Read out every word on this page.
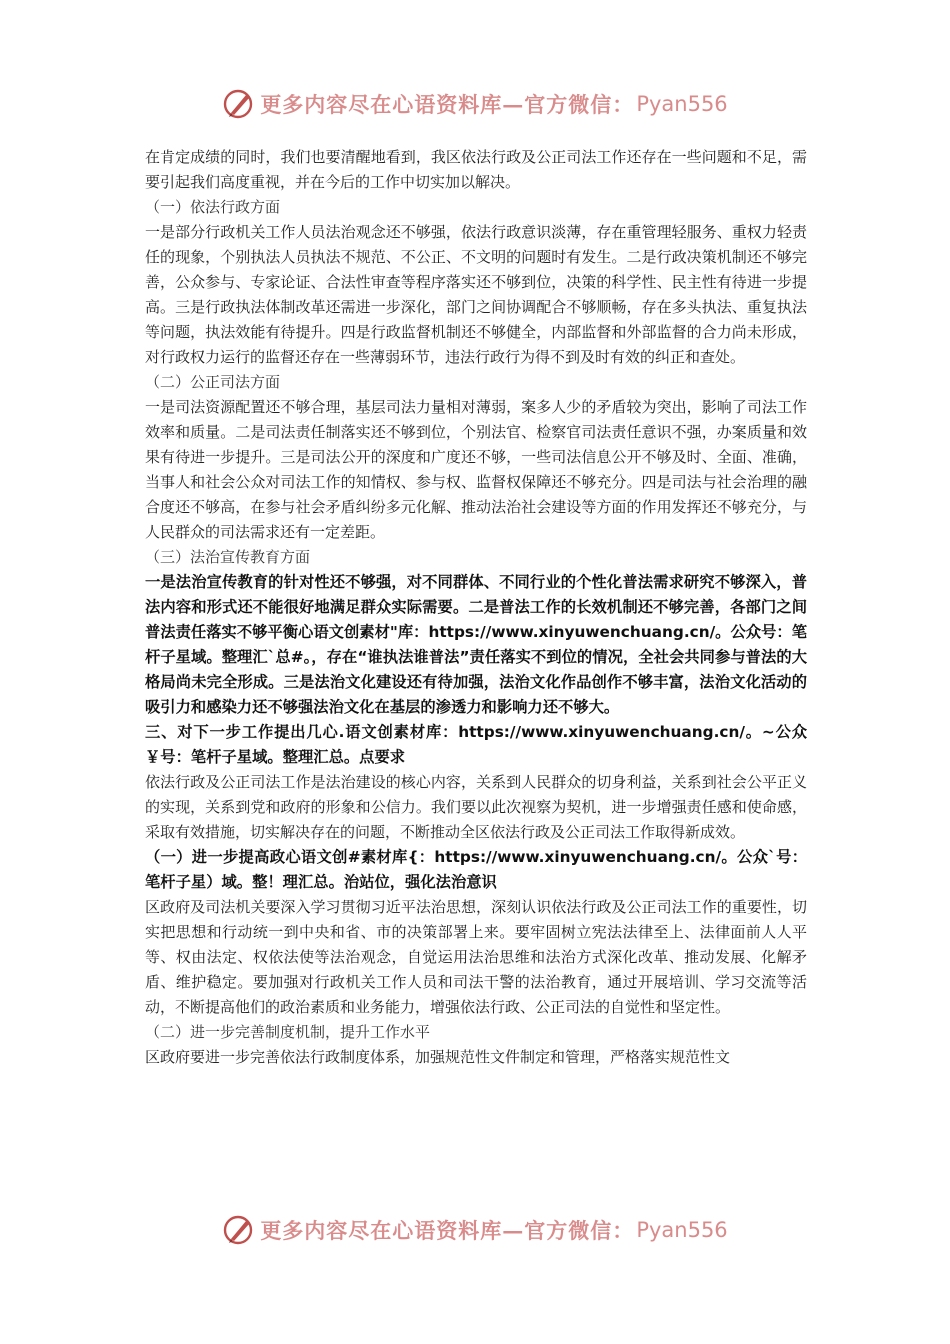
更多内容尽在心语资料库—官方微信： Pyan556

在肯定成绩的同时，我们也要清醒地看到，我区依法行政及公正司法工作还存在一些问题和不足，需要引起我们高度重视，并在今后的工作中切实加以解决。

（一）依法行政方面

一是部分行政机关工作人员法治观念还不够强，依法行政意识淡薄，存在重管理轻服务、重权力轻责任的现象，个别执法人员执法不规范、不公正、不文明的问题时有发生。二是行政决策机制还不够完善，公众参与、专家论证、合法性审查等程序落实还不够到位，决策的科学性、民主性有待进一步提高。三是行政执法体制改革还需进一步深化，部门之间协调配合不够顺畅，存在多头执法、重复执法等问题，执法效能有待提升。四是行政监督机制还不够健全，内部监督和外部监督的合力尚未形成，对行政权力运行的监督还存在一些薄弱环节，违法行政行为得不到及时有效的纠正和查处。

（二）公正司法方面

一是司法资源配置还不够合理，基层司法力量相对薄弱，案多人少的矛盾较为突出，影响了司法工作效率和质量。二是司法责任制落实还不够到位，个别法官、检察官司法责任意识不强，办案质量和效果有待进一步提升。三是司法公开的深度和广度还不够，一些司法信息公开不够及时、全面、准确，当事人和社会公众对司法工作的知情权、参与权、监督权保障还不够充分。四是司法与社会治理的融合度还不够高，在参与社会矛盾纠纷多元化解、推动法治社会建设等方面的作用发挥还不够充分，与人民群众的司法需求还有一定差距。

（三）法治宣传教育方面

一是法治宣传教育的针对性还不够强，对不同群体、不同行业的个性化普法需求研究不够深入，普法内容和形式还不能很好地满足群众实际需要。二是普法工作的长效机制还不够完善，各部门之间普法责任落实不够平衡心语文创素材"库：https://www.xinyuwenchuang.cn/。公众号：笔杆子星域。整理汇`总#。，存在“谁执法谁普法”责任落实不到位的情况，全社会共同参与普法的大格局尚未完全形成。三是法治文化建设还有待加强，法治文化作品创作不够丰富，法治文化活动的吸引力和感染力还不够强法治文化在基层的渗透力和影响力还不够大。

三、对下一步工作提出几心.语文创素材库：https://www.xinyuwenchuang.cn/。~公众￥号：笔杆子星域。整理汇总。点要求

依法行政及公正司法工作是法治建设的核心内容，关系到人民群众的切身利益，关系到社会公平正义的实现，关系到党和政府的形象和公信力。我们要以此次视察为契机，进一步增强责任感和使命感，采取有效措施，切实解决存在的问题，不断推动全区依法行政及公正司法工作取得新成效。

（一）进一步提高政心语文创#素材库{：https://www.xinyuwenchuang.cn/。公众`号：笔杆子星）域。整！理汇总。治站位，强化法治意识

区政府及司法机关要深入学习贯彻习近平法治思想，深刻认识依法行政及公正司法工作的重要性，切实把思想和行动统一到中央和省、市的决策部署上来。要牢固树立宪法法律至上、法律面前人人平等、权由法定、权依法使等法治观念，自觉运用法治思维和法治方式深化改革、推动发展、化解矛盾、维护稳定。要加强对行政机关工作人员和司法干警的法治教育，通过开展培训、学习交流等活动，不断提高他们的政治素质和业务能力，增强依法行政、公正司法的自觉性和坚定性。

（二）进一步完善制度机制，提升工作水平

区政府要进一步完善依法行政制度体系，加强规范性文件制定和管理，严格落实规范性文

更多内容尽在心语资料库—官方微信： Pyan556
